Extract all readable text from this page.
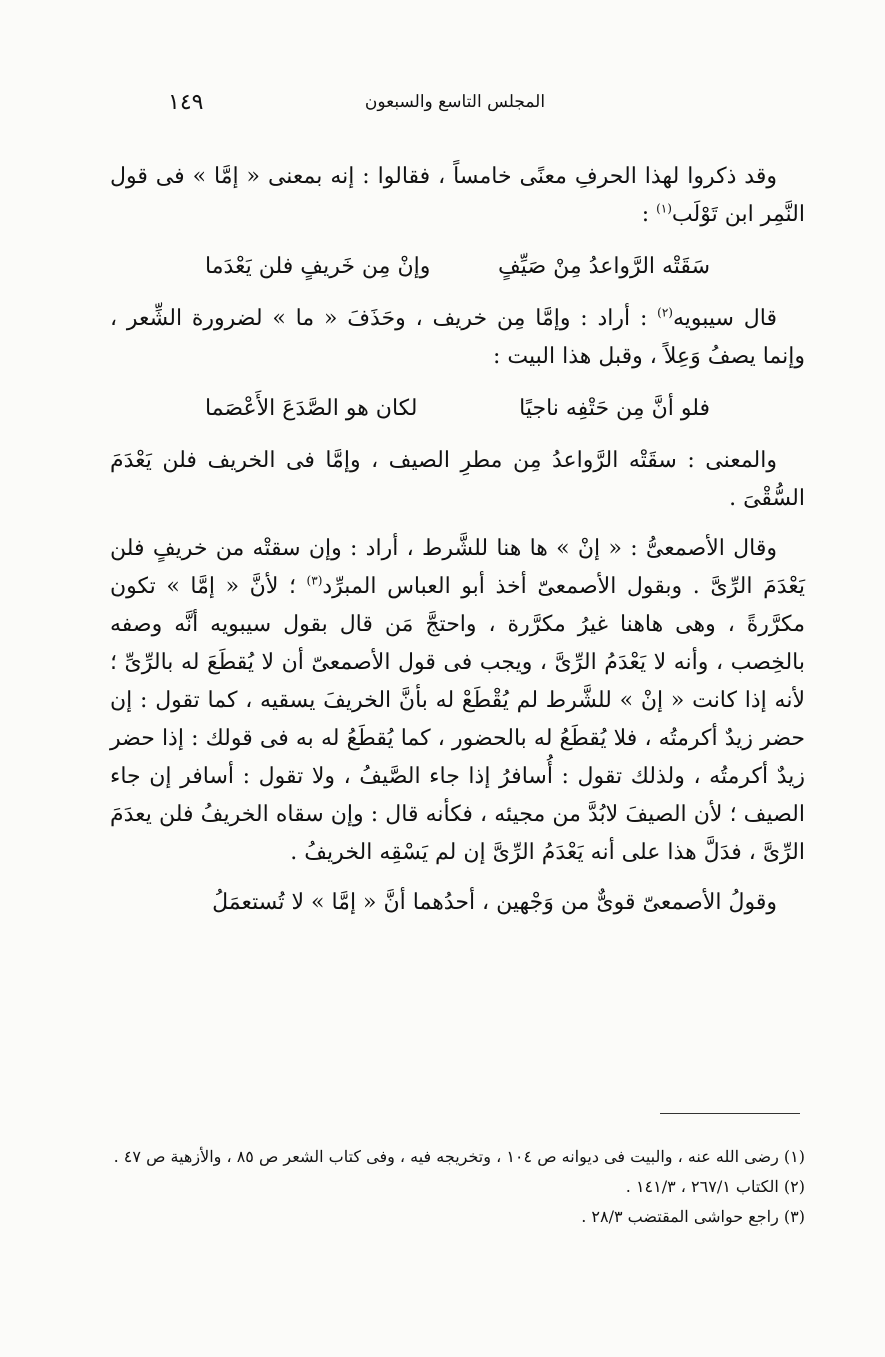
المجلس التاسع والسبعون
١٤٩

وقد ذكروا لهذا الحرفِ معنًى خامساً ، فقالوا : إنه بمعنى « إمَّا » فى قول النَّمِر ابن تَوْلَب$^{(١)}$ :

سَقَتْه الرَّواعدُ مِنْ صَيِّفٍ
وإنْ مِن خَريفٍ فلن يَعْدَما

قال سيبويه$^{(٢)}$ : أراد : وإمَّا مِن خريف ، وحَذَفَ « ما » لضرورة الشِّعر ، وإنما يصفُ وَعِلاً ، وقبل هذا البيت :

فلو أنَّ مِن حَتْفِه ناجيًا
لكان هو الصَّدَعَ الأَعْصَما

والمعنى : سقَتْه الرَّواعدُ مِن مطرِ الصيف ، وإمَّا فى الخريف فلن يَعْدَمَ السُّقْىَ .

وقال الأصمعىُّ : « إنْ » ها هنا للشَّرط ، أراد : وإن سقتْه من خريفٍ فلن يَعْدَمَ الرِّىَّ . وبقول الأصمعىّ أخذ أبو العباس المبرِّد$^{(٣)}$ ؛ لأنَّ « إمَّا » تكون مكرَّرةً ، وهى هاهنا غيرُ مكرَّرة ، واحتجَّ مَن قال بقول سيبويه أنَّه وصفه بالخِصب ، وأنه لا يَعْدَمُ الرِّىَّ ، ويجب فى قول الأصمعىّ أن لا يُقطَعَ له بالرِّىِّ ؛ لأنه إذا كانت « إنْ » للشَّرط لم يُقْطَعْ له بأنَّ الخريفَ يسقيه ، كما تقول : إن حضر زيدٌ أكرمتُه ، فلا يُقطَعُ له بالحضور ، كما يُقطَعُ له به فى قولك : إذا حضر زيدٌ أكرمتُه ، ولذلك تقول : أُسافرُ إذا جاء الصَّيفُ ، ولا تقول : أسافر إن جاء الصيف ؛ لأن الصيفَ لابُدَّ من مجيئه ، فكأنه قال : وإن سقاه الخريفُ فلن يعدَمَ الرِّىَّ ، فدَلَّ هذا على أنه يَعْدَمُ الرِّىَّ إن لم يَسْقِه الخريفُ .

وقولُ الأصمعىّ قوىٌّ من وَجْهين ، أحدُهما أنَّ « إمَّا » لا تُستعمَلُ

(١) رضى الله عنه ، والبيت فى ديوانه ص ١٠٤ ، وتخريجه فيه ، وفى كتاب الشعر ص ٨٥ ، والأزهية ص ٤٧ .

(٢) الكتاب ٢٦٧/١ ، ١٤١/٣ .

(٣) راجع حواشى المقتضب ٢٨/٣ .
